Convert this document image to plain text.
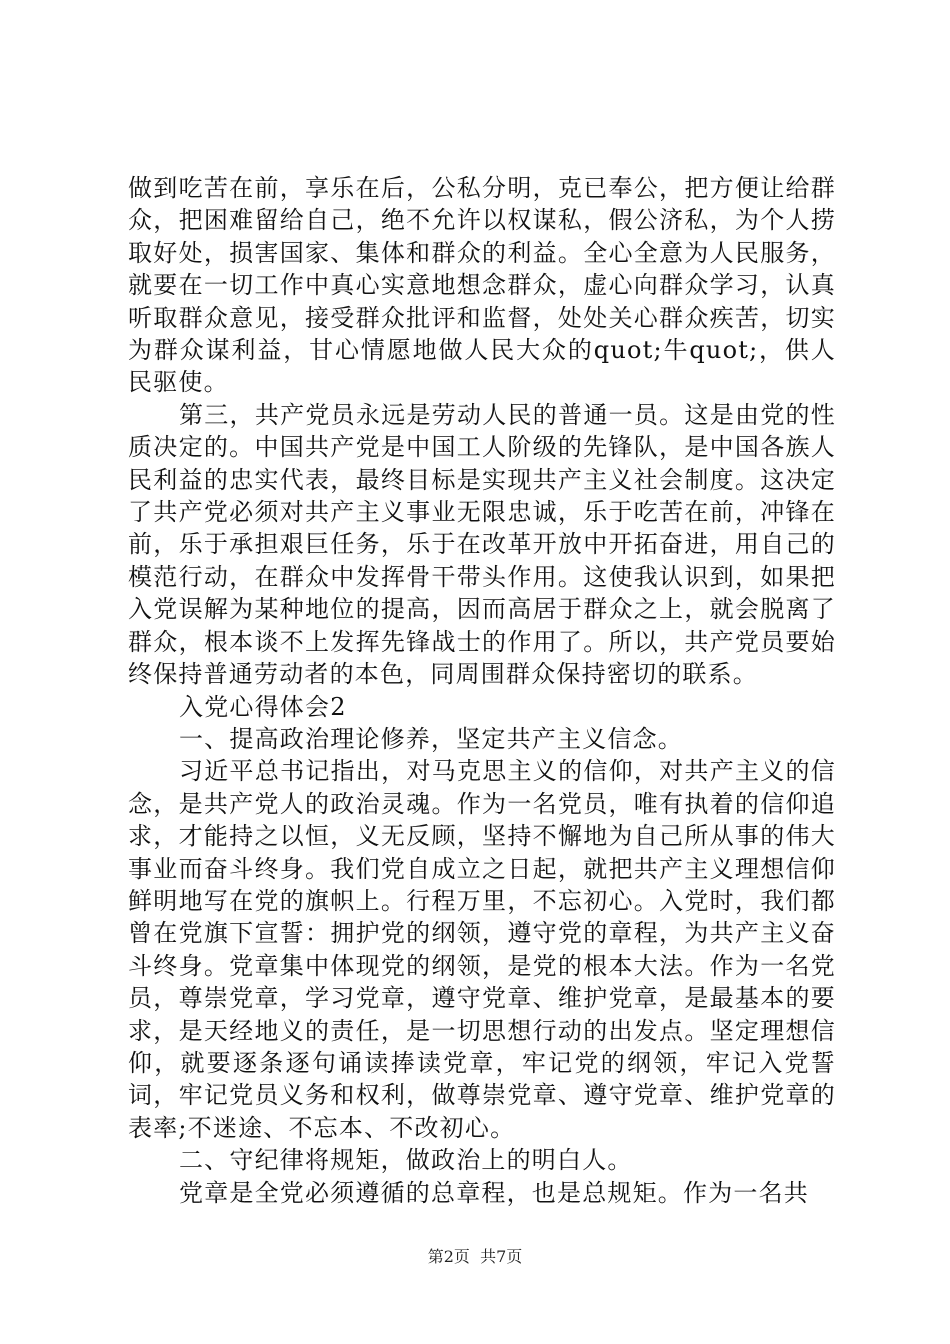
做到吃苦在前，享乐在后，公私分明，克已奉公，把方便让给群众，把困难留给自己，绝不允许以权谋私，假公济私，为个人捞取好处，损害国家、集体和群众的利益。全心全意为人民服务，就要在一切工作中真心实意地想念群众，虚心向群众学习，认真听取群众意见，接受群众批评和监督，处处关心群众疾苦，切实为群众谋利益，甘心情愿地做人民大众的quot;牛quot;，供人民驱使。

第三，共产党员永远是劳动人民的普通一员。这是由党的性质决定的。中国共产党是中国工人阶级的先锋队，是中国各族人民利益的忠实代表，最终目标是实现共产主义社会制度。这决定了共产党必须对共产主义事业无限忠诚，乐于吃苦在前，冲锋在前，乐于承担艰巨任务，乐于在改革开放中开拓奋进，用自己的模范行动，在群众中发挥骨干带头作用。这使我认识到，如果把入党误解为某种地位的提高，因而高居于群众之上，就会脱离了群众，根本谈不上发挥先锋战士的作用了。所以，共产党员要始终保持普通劳动者的本色，同周围群众保持密切的联系。

入党心得体会2

一、提高政治理论修养，坚定共产主义信念。

习近平总书记指出，对马克思主义的信仰，对共产主义的信念，是共产党人的政治灵魂。作为一名党员，唯有执着的信仰追求，才能持之以恒，义无反顾，坚持不懈地为自己所从事的伟大事业而奋斗终身。我们党自成立之日起，就把共产主义理想信仰鲜明地写在党的旗帜上。行程万里，不忘初心。入党时，我们都曾在党旗下宣誓：拥护党的纲领，遵守党的章程，为共产主义奋斗终身。党章集中体现党的纲领，是党的根本大法。作为一名党员，尊崇党章，学习党章，遵守党章、维护党章，是最基本的要求，是天经地义的责任，是一切思想行动的出发点。坚定理想信仰，就要逐条逐句诵读捧读党章，牢记党的纲领，牢记入党誓词，牢记党员义务和权利，做尊崇党章、遵守党章、维护党章的表率;不迷途、不忘本、不改初心。

二、守纪律将规矩，做政治上的明白人。

党章是全党必须遵循的总章程，也是总规矩。作为一名共

第2页 共7页
